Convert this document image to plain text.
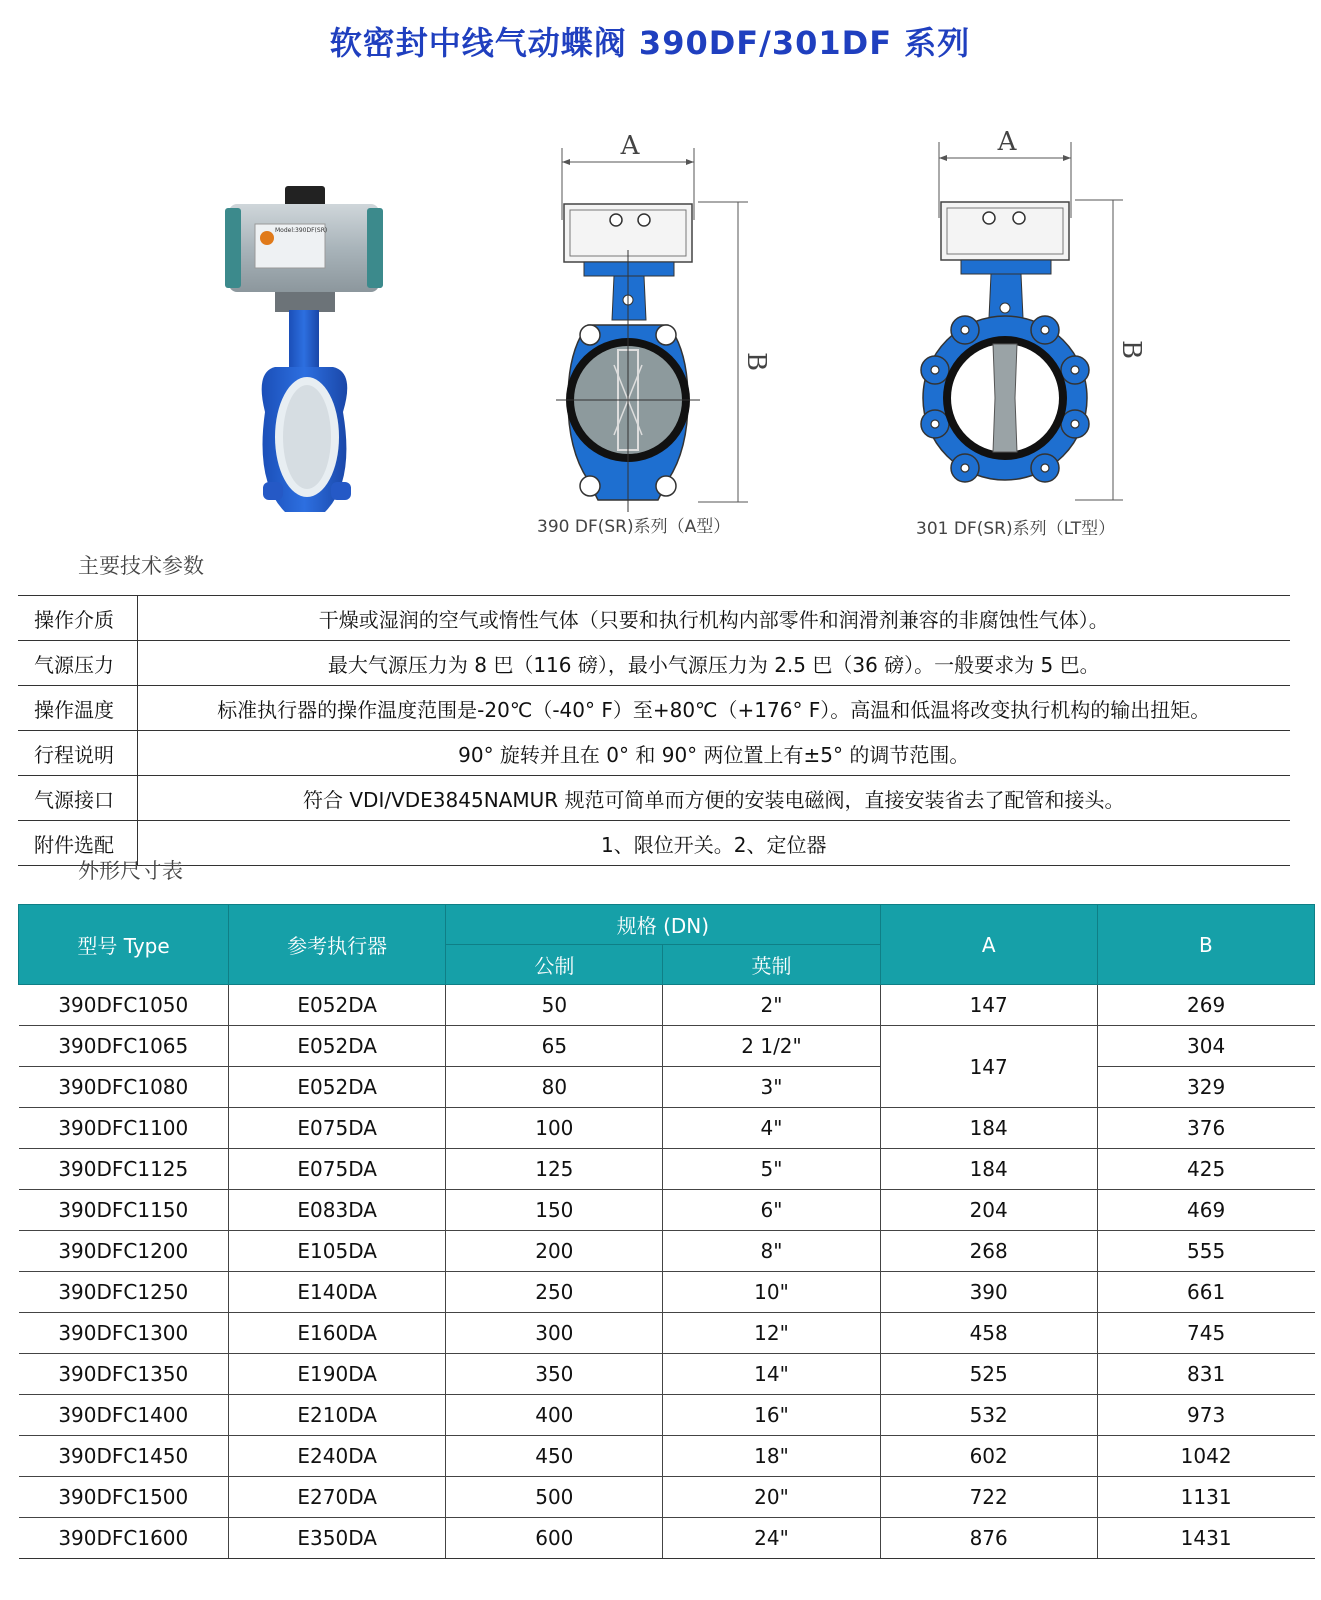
软密封中线气动蝶阀 390DF/301DF 系列
Model:390DF(SR)
A
B
390 DF(SR)系列（A型）
A
B
301 DF(SR)系列（LT型）
主要技术参数
操作介质	干燥或湿润的空气或惰性气体（只要和执行机构内部零件和润滑剂兼容的非腐蚀性气体）。
气源压力	最大气源压力为 8 巴（116 磅），最小气源压力为 2.5 巴（36 磅）。一般要求为 5 巴。
操作温度	标准执行器的操作温度范围是-20℃（-40° F）至+80℃（+176° F）。高温和低温将改变执行机构的输出扭矩。
行程说明	90° 旋转并且在 0° 和 90° 两位置上有±5° 的调节范围。
气源接口	符合 VDI/VDE3845NAMUR 规范可简单而方便的安装电磁阀，直接安装省去了配管和接头。
附件选配	1、限位开关。2、定位器
外形尺寸表
型号 Type	参考执行器	规格 (DN)		A	B
		公制	英制		
390DFC1050	E052DA	50	2"	147	269
390DFC1065	E052DA	65	2 1/2"	147	304
390DFC1080	E052DA	80	3"		329
390DFC1100	E075DA	100	4"	184	376
390DFC1125	E075DA	125	5"	184	425
390DFC1150	E083DA	150	6"	204	469
390DFC1200	E105DA	200	8"	268	555
390DFC1250	E140DA	250	10"	390	661
390DFC1300	E160DA	300	12"	458	745
390DFC1350	E190DA	350	14"	525	831
390DFC1400	E210DA	400	16"	532	973
390DFC1450	E240DA	450	18"	602	1042
390DFC1500	E270DA	500	20"	722	1131
390DFC1600	E350DA	600	24"	876	1431
